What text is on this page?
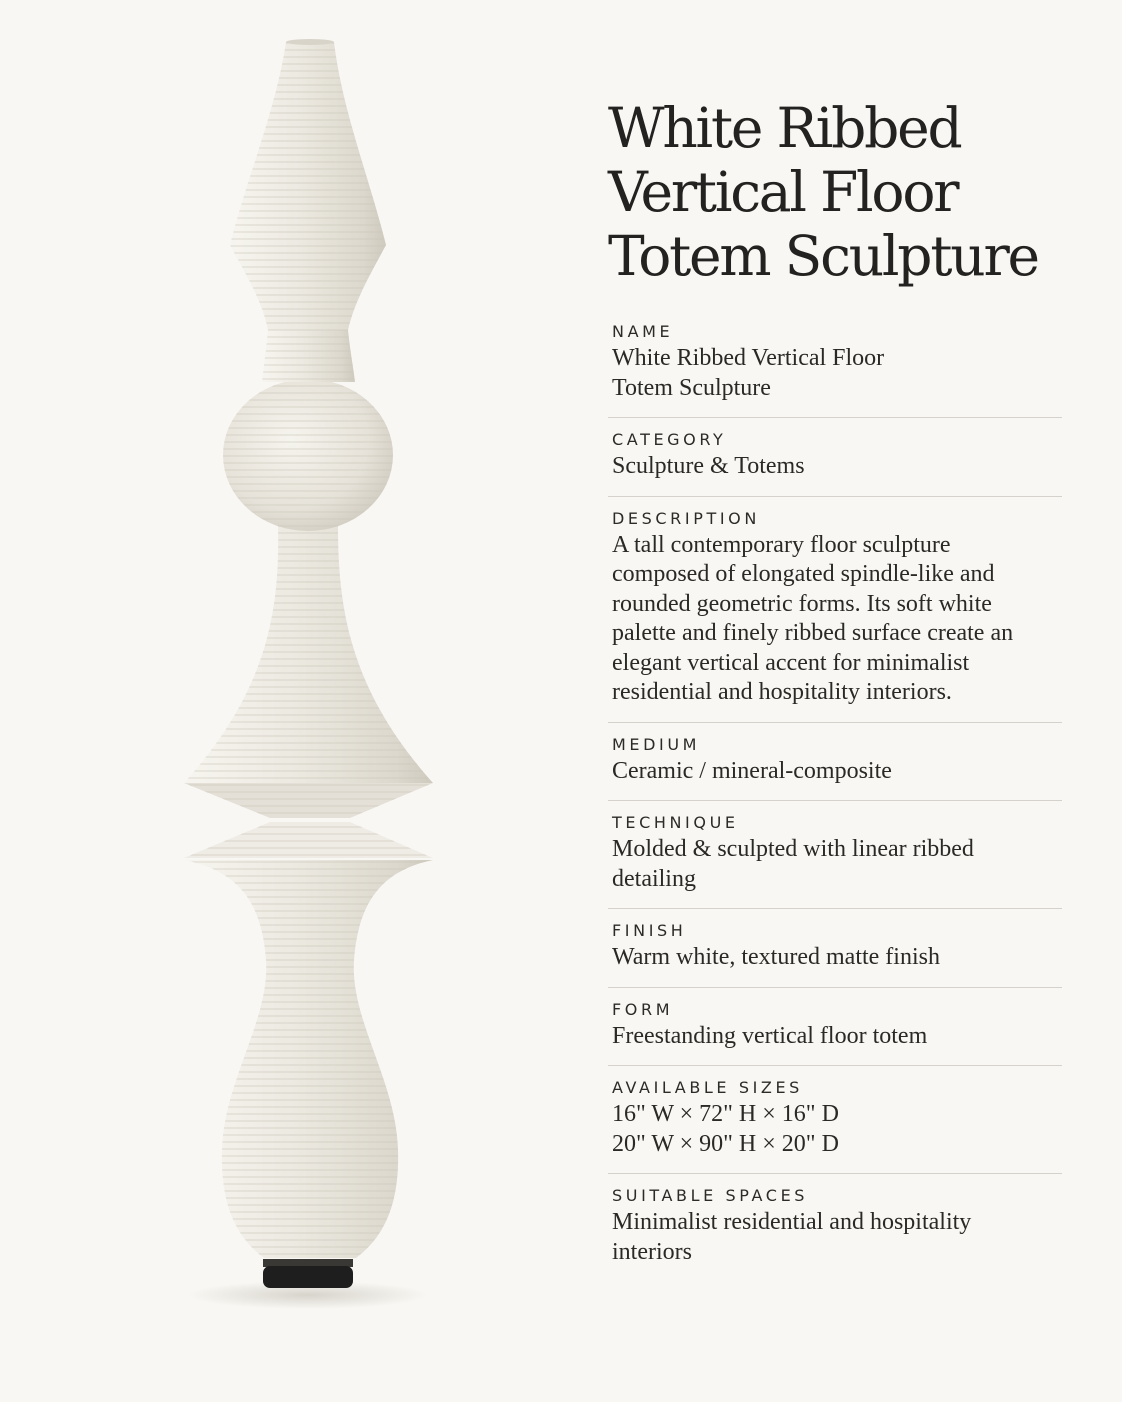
White Ribbed
Vertical Floor
Totem Sculpture
NAME
White Ribbed Vertical Floor
Totem Sculpture
CATEGORY
Sculpture & Totems
DESCRIPTION
A tall contemporary floor sculpture
composed of elongated spindle-like and
rounded geometric forms. Its soft white
palette and finely ribbed surface create an
elegant vertical accent for minimalist
residential and hospitality interiors.
MEDIUM
Ceramic / mineral-composite
TECHNIQUE
Molded & sculpted with linear ribbed
detailing
FINISH
Warm white, textured matte finish
FORM
Freestanding vertical floor totem
AVAILABLE SIZES
16" W × 72" H × 16" D
20" W × 90" H × 20" D
SUITABLE SPACES
Minimalist residential and hospitality
interiors
